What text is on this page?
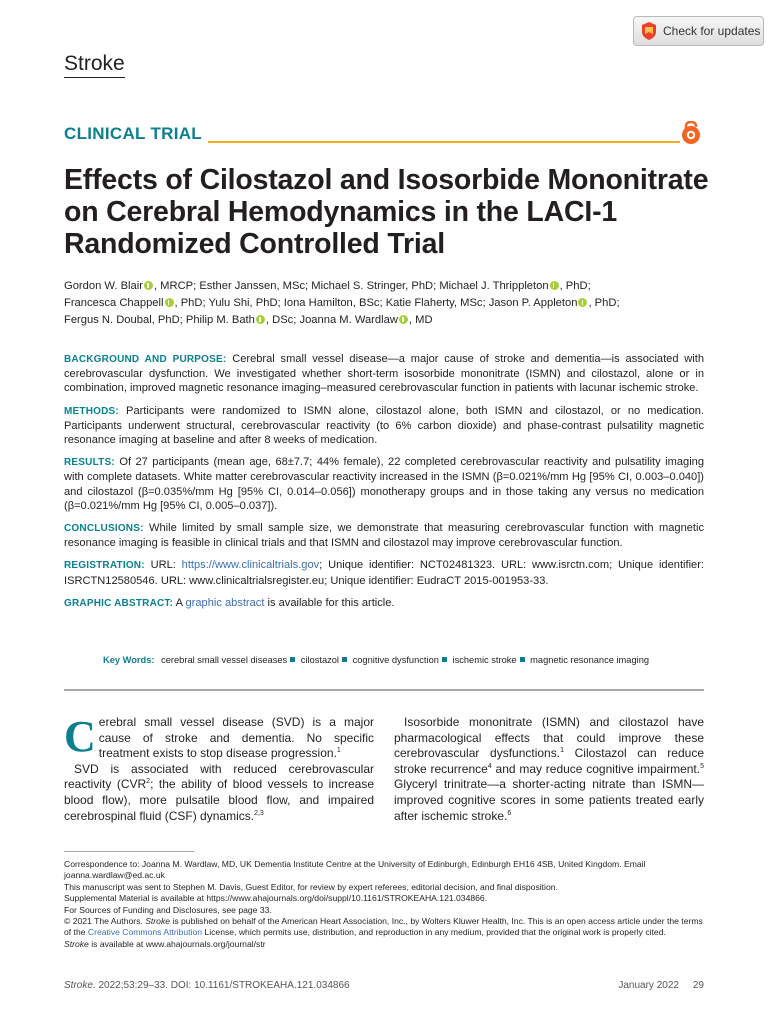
Check for updates
Stroke
CLINICAL TRIAL
Effects of Cilostazol and Isosorbide Mononitrate
on Cerebral Hemodynamics in the LACI-1
Randomized Controlled Trial
Gordon W. Blair , MRCP; Esther Janssen, MSc; Michael S. Stringer, PhD; Michael J. Thrippleton , PhD;
Francesca Chappell , PhD; Yulu Shi, PhD; Iona Hamilton, BSc; Katie Flaherty, MSc; Jason P. Appleton , PhD;
Fergus N. Doubal, PhD; Philip M. Bath , DSc; Joanna M. Wardlaw , MD

BACKGROUND AND PURPOSE: Cerebral small vessel disease—a major cause of stroke and dementia—is associated with cerebrovascular dysfunction. We investigated whether short-term isosorbide mononitrate (ISMN) and cilostazol, alone or in combination, improved magnetic resonance imaging–measured cerebrovascular function in patients with lacunar ischemic stroke.

METHODS: Participants were randomized to ISMN alone, cilostazol alone, both ISMN and cilostazol, or no medication. Participants underwent structural, cerebrovascular reactivity (to 6% carbon dioxide) and phase-contrast pulsatility magnetic resonance imaging at baseline and after 8 weeks of medication.

RESULTS: Of 27 participants (mean age, 68±7.7; 44% female), 22 completed cerebrovascular reactivity and pulsatility imaging with complete datasets. White matter cerebrovascular reactivity increased in the ISMN (β=0.021%/mm Hg [95% CI, 0.003–0.040]) and cilostazol (β=0.035%/mm Hg [95% CI, 0.014–0.056]) monotherapy groups and in those taking any versus no medication (β=0.021%/mm Hg [95% CI, 0.005–0.037]).

CONCLUSIONS: While limited by small sample size, we demonstrate that measuring cerebrovascular function with magnetic resonance imaging is feasible in clinical trials and that ISMN and cilostazol may improve cerebrovascular function.

REGISTRATION: URL: https://www.clinicaltrials.gov; Unique identifier: NCT02481323. URL: www.isrctn.com; Unique identifier: ISRCTN12580546. URL: www.clinicaltrialsregister.eu; Unique identifier: EudraCT 2015-001953-33.

GRAPHIC ABSTRACT: A graphic abstract is available for this article.

Key Words: cerebral small vessel diseases cilostazol cognitive dysfunction ischemic stroke magnetic resonance imaging
Cerebral small vessel disease (SVD) is a major cause of stroke and dementia. No specific treatment exists to stop disease progression.$^1$
SVD is associated with reduced cerebrovascular reactivity (CVR$^2$; the ability of blood vessels to increase blood flow), more pulsatile blood flow, and impaired cerebrospinal fluid (CSF) dynamics.$^{2,3}$
Isosorbide mononitrate (ISMN) and cilostazol have pharmacological effects that could improve these cerebrovascular dysfunctions.$^1$ Cilostazol can reduce stroke recurrence$^4$ and may reduce cognitive impairment.$^5$ Glyceryl trinitrate—a shorter-acting nitrate than ISMN—improved cognitive scores in some patients treated early after ischemic stroke.$^6$
Correspondence to: Joanna M. Wardlaw, MD, UK Dementia Institute Centre at the University of Edinburgh, Edinburgh EH16 4SB, United Kingdom. Email joanna.wardlaw@ed.ac.uk
This manuscript was sent to Stephen M. Davis, Guest Editor, for review by expert referees, editorial decision, and final disposition.
Supplemental Material is available at https://www.ahajournals.org/doi/suppl/10.1161/STROKEAHA.121.034866.
For Sources of Funding and Disclosures, see page 33.
© 2021 The Authors. Stroke is published on behalf of the American Heart Association, Inc., by Wolters Kluwer Health, Inc. This is an open access article under the terms of the Creative Commons Attribution License, which permits use, distribution, and reproduction in any medium, provided that the original work is properly cited.
Stroke is available at www.ahajournals.org/journal/str
Stroke. 2022;53:29–33. DOI: 10.1161/STROKEAHA.121.034866	January 2022 29
